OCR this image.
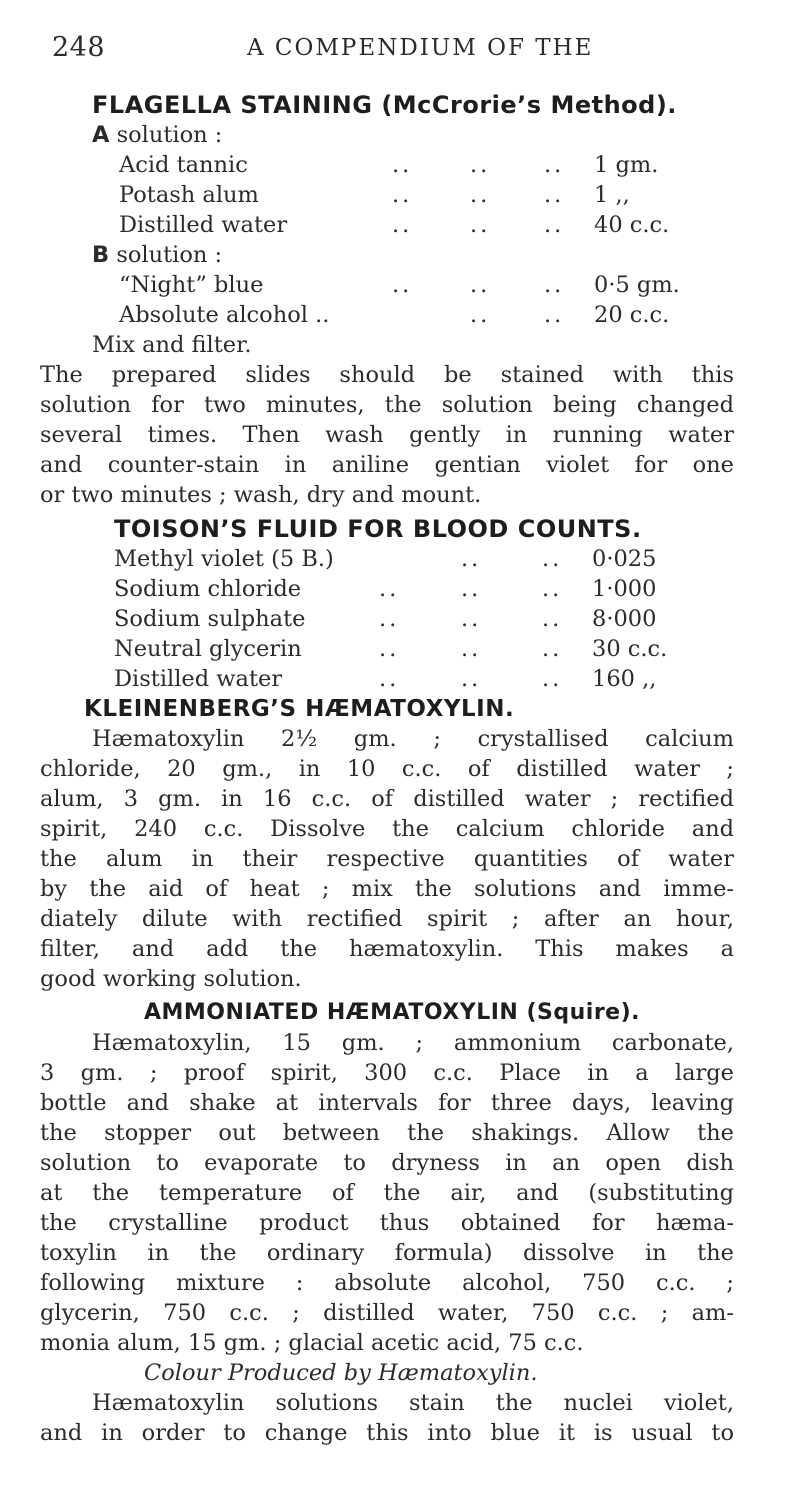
248	A COMPENDIUM OF THE
FLAGELLA STAINING (McCrorie’s Method).
A solution :
Acid tannic	..	.. .. 1 gm.
Potash alum	..	.. .. 1 ,,
Distilled water	..	.. .. 40 c.c.
B solution :
“Night” blue	..	.. .. 0·5 gm.
Absolute alcohol ..	.. .. 20 c.c.
Mix and filter.
The prepared slides should be stained with this
solution for two minutes, the solution being changed
several times. Then wash gently in running water
and counter-stain in aniline gentian violet for one
or two minutes ; wash, dry and mount.
TOISON’S FLUID FOR BLOOD COUNTS.
Methyl violet (5 B.)	..	.. 0·025
Sodium chloride	..	..	.. 1·000
Sodium sulphate	..	..	.. 8·000
Neutral glycerin	..	..	.. 30 c.c.
Distilled water	..	..	.. 160 ,,
KLEINENBERG’S HÆMATOXYLIN.
Hæmatoxylin 2½ gm. ; crystallised calcium
chloride, 20 gm., in 10 c.c. of distilled water ;
alum, 3 gm. in 16 c.c. of distilled water ; rectified
spirit, 240 c.c. Dissolve the calcium chloride and
the alum in their respective quantities of water
by the aid of heat ; mix the solutions and imme-
diately dilute with rectified spirit ; after an hour,
filter, and add the hæmatoxylin. This makes a
good working solution.
AMMONIATED HÆMATOXYLIN (Squire).
Hæmatoxylin, 15 gm. ; ammonium carbonate,
3 gm. ; proof spirit, 300 c.c. Place in a large
bottle and shake at intervals for three days, leaving
the stopper out between the shakings. Allow the
solution to evaporate to dryness in an open dish
at the temperature of the air, and (substituting
the crystalline product thus obtained for hæma-
toxylin in the ordinary formula) dissolve in the
following mixture : absolute alcohol, 750 c.c. ;
glycerin, 750 c.c. ; distilled water, 750 c.c. ; am-
monia alum, 15 gm. ; glacial acetic acid, 75 c.c.
Colour Produced by Hæmatoxylin.
Hæmatoxylin solutions stain the nuclei violet,
and in order to change this into blue it is usual to
